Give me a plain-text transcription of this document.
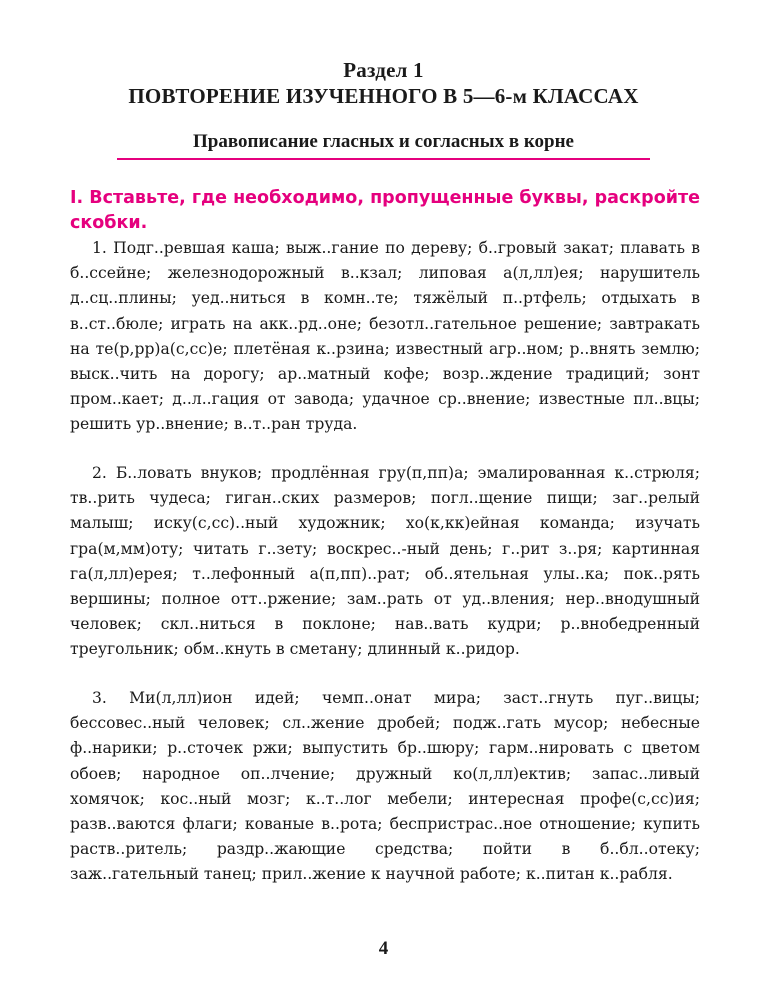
Раздел 1
ПОВТОРЕНИЕ ИЗУЧЕННОГО В 5—6-м КЛАССАХ
Правописание гласных и согласных в корне
I. Вставьте, где необходимо, пропущенные буквы, раскройте скобки.

1. Подг..ревшая каша; выж..гание по дереву; б..гровый закат; плавать в б..ссейне; железнодорожный в..кзал; липовая а(л,лл)ея; нарушитель д..сц..плины; уед..ниться в комн..те; тяжёлый п..ртфель; отдыхать в в..ст..бюле; играть на акк..рд..оне; безотл..гательное решение; завтракать на те(р,рр)а(с,сс)е; плетёная к..рзина; известный агр..ном; р..внять землю; выск..чить на дорогу; ар..матный кофе; возр..ждение традиций; зонт пром..кает; д..л..гация от завода; удачное ср..внение; известные пл..вцы; решить ур..внение; в..т..ран труда.

2. Б..ловать внуков; продлённая гру(п,пп)а; эмалированная к..стрюля; тв..рить чудеса; гиган..ских размеров; погл..щение пищи; заг..релый малыш; иску(с,сс)..ный художник; хо(к,кк)ейная команда; изучать гра(м,мм)оту; читать г..зету; воскрес..-ный день; г..рит з..ря; картинная га(л,лл)ерея; т..лефонный а(п,пп)..рат; об..ятельная улы..ка; пок..рять вершины; полное отт..ржение; зам..рать от уд..вления; нер..внодушный человек; скл..ниться в поклоне; нав..вать кудри; р..внобедренный треугольник; обм..кнуть в сметану; длинный к..ридор.

3. Ми(л,лл)ион идей; чемп..онат мира; заст..гнуть пуг..вицы; бессовес..ный человек; сл..жение дробей; подж..гать мусор; небесные ф..нарики; р..сточек ржи; выпустить бр..шюру; гарм..нировать с цветом обоев; народное оп..лчение; дружный ко(л,лл)ектив; запас..ливый хомячок; кос..ный мозг; к..т..лог мебели; интересная профе(с,сс)ия; разв..ваются флаги; кованые в..рота; беспристрас..ное отношение; купить раств..ритель; раздр..жающие средства; пойти в б..бл..отеку; заж..гательный танец; прил..жение к научной работе; к..питан к..рабля.

4
